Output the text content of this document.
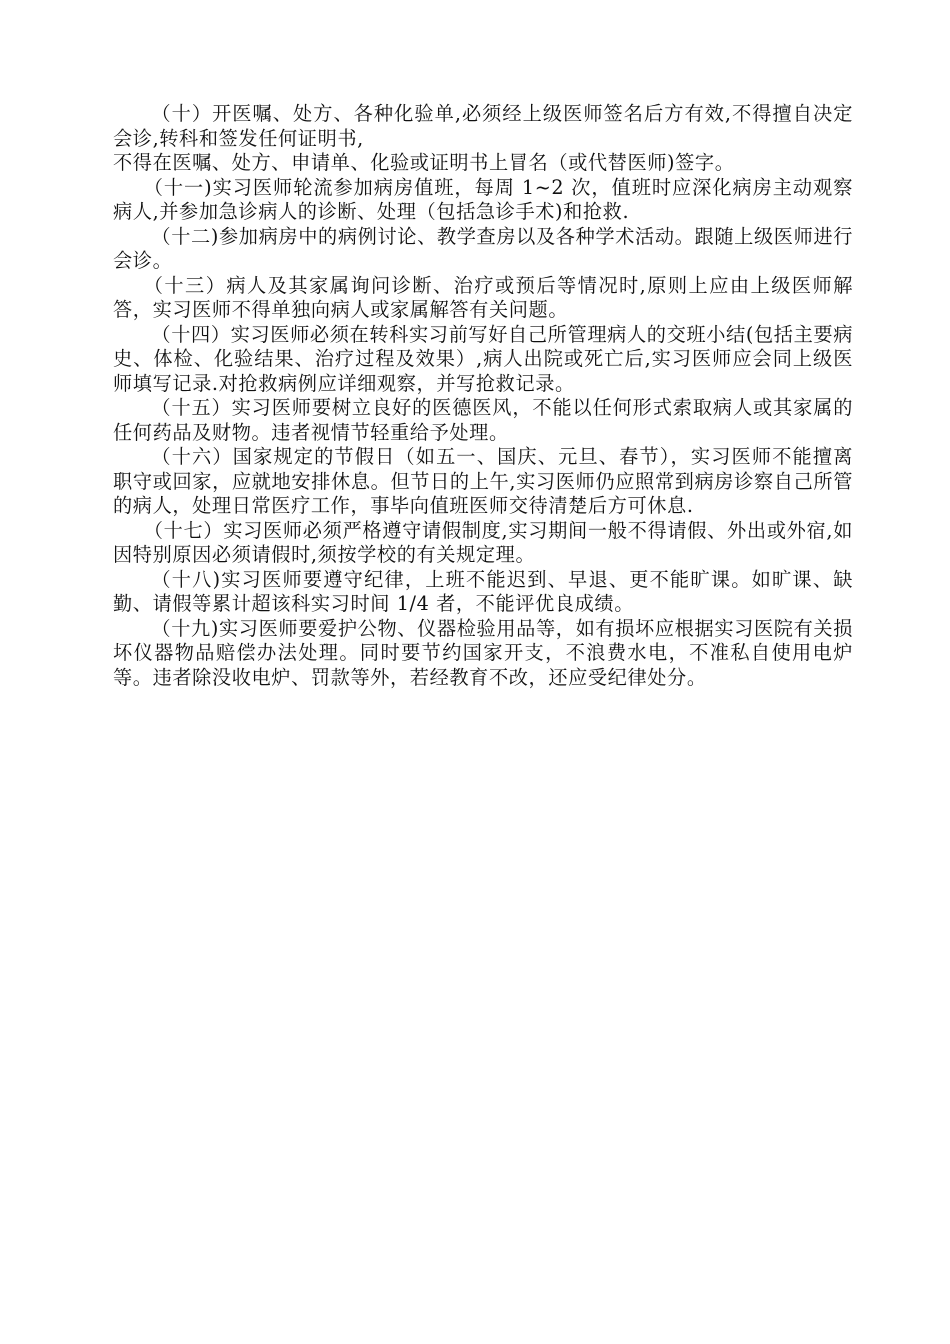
（十）开医嘱、处方、各种化验单,必须经上级医师签名后方有效,不得擅自决定会诊,转科和签发任何证明书,

不得在医嘱、处方、申请单、化验或证明书上冒名（或代替医师)签字。

（十一)实习医师轮流参加病房值班，每周 1~2 次，值班时应深化病房主动观察病人,并参加急诊病人的诊断、处理（包括急诊手术)和抢救.

（十二)参加病房中的病例讨论、教学查房以及各种学术活动。跟随上级医师进行会诊。

（十三）病人及其家属询问诊断、治疗或预后等情况时,原则上应由上级医师解答，实习医师不得单独向病人或家属解答有关问题。

（十四）实习医师必须在转科实习前写好自己所管理病人的交班小结(包括主要病史、体检、化验结果、治疗过程及效果）,病人出院或死亡后,实习医师应会同上级医师填写记录.对抢救病例应详细观察，并写抢救记录。

（十五）实习医师要树立良好的医德医风，不能以任何形式索取病人或其家属的任何药品及财物。违者视情节轻重给予处理。

（十六）国家规定的节假日（如五一、国庆、元旦、春节），实习医师不能擅离职守或回家，应就地安排休息。但节日的上午,实习医师仍应照常到病房诊察自己所管的病人，处理日常医疗工作，事毕向值班医师交待清楚后方可休息.

（十七）实习医师必须严格遵守请假制度,实习期间一般不得请假、外出或外宿,如因特别原因必须请假时,须按学校的有关规定理。

（十八)实习医师要遵守纪律，上班不能迟到、早退、更不能旷课。如旷课、缺勤、请假等累计超该科实习时间 1/4 者，不能评优良成绩。

（十九)实习医师要爱护公物、仪器检验用品等，如有损坏应根据实习医院有关损坏仪器物品赔偿办法处理。同时要节约国家开支，不浪费水电，不准私自使用电炉等。违者除没收电炉、罚款等外，若经教育不改，还应受纪律处分。
